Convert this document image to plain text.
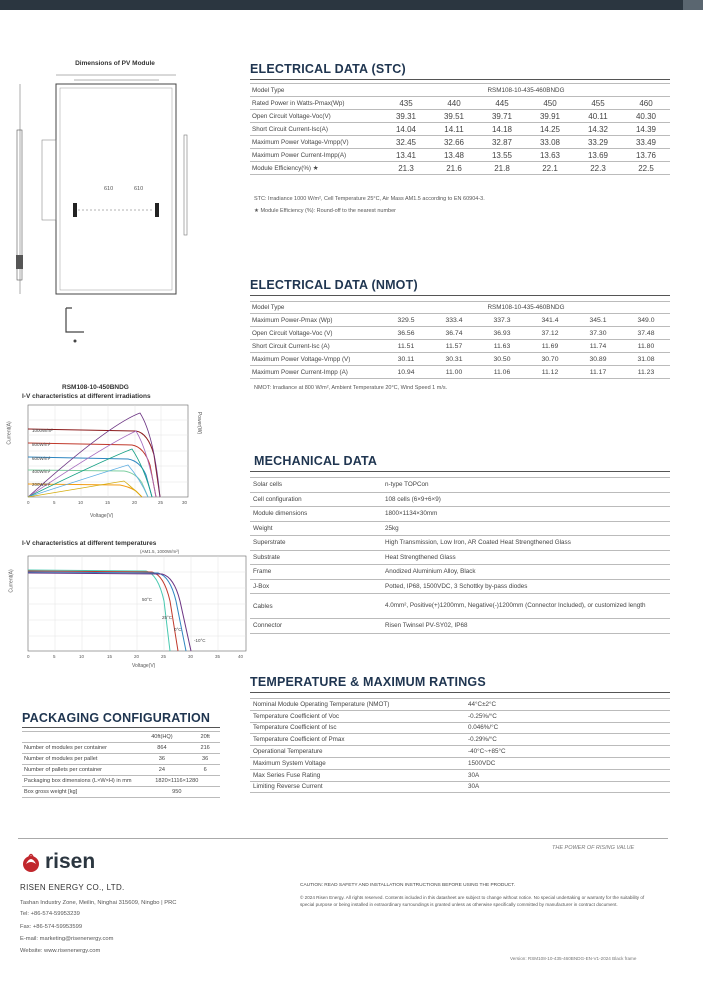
Dimensions of PV Module
610	610
RSM108-10-450BNDG
I-V characteristics at different irradiations
Current(A)	Power(W)
0	5	10	15	20	25	30
1000W/m²
800W/m²
600W/m²
400W/m²
200W/m²
Voltage(V)
I-V characteristics at different temperatures
(AM1.5, 1000W/m²)
Current(A)
0	5	10	15	20	25	30	35	40
50°C
25°C
0°C
-10°C
Voltage(V)
PACKAGING CONFIGURATION
	40ft(HQ)	20ft
Number of modules per container	864	216
Number of modules per pallet	36	36
Number of pallets per container	24	6
Packaging box dimensions (L×W×H) in mm	1820×1116×1280	
Box gross weight [kg]	950	
ELECTRICAL DATA (STC)
Model Type	RSM108-10-435-460BNDG					
Rated Power in Watts-Pmax(Wp)	435	440	445	450	455	460
Open Circuit Voltage-Voc(V)	39.31	39.51	39.71	39.91	40.11	40.30
Short Circuit Current-Isc(A)	14.04	14.11	14.18	14.25	14.32	14.39
Maximum Power Voltage-Vmpp(V)	32.45	32.66	32.87	33.08	33.29	33.49
Maximum Power Current-Impp(A)	13.41	13.48	13.55	13.63	13.69	13.76
Module Efficiency(%) ★	21.3	21.6	21.8	22.1	22.3	22.5
STC: Irradiance 1000 W/m², Cell Temperature 25°C, Air Mass AM1.5 according to EN 60904-3.
★ Module Efficiency (%): Round-off to the nearest number
ELECTRICAL DATA (NMOT)
Model Type	RSM108-10-435-460BNDG					
Maximum Power-Pmax (Wp)	329.5	333.4	337.3	341.4	345.1	349.0
Open Circuit Voltage-Voc (V)	36.56	36.74	36.93	37.12	37.30	37.48
Short Circuit Current-Isc (A)	11.51	11.57	11.63	11.69	11.74	11.80
Maximum Power Voltage-Vmpp (V)	30.11	30.31	30.50	30.70	30.89	31.08
Maximum Power Current-Impp (A)	10.94	11.00	11.06	11.12	11.17	11.23
NMOT: Irradiance at 800 W/m², Ambient Temperature 20°C, Wind Speed 1 m/s.
MECHANICAL DATA
Solar cells	n-type TOPCon
Cell configuration	108 cells (6×9+6×9)
Module dimensions	1800×1134×30mm
Weight	25kg
Superstrate	High Transmission, Low Iron, AR Coated Heat Strengthened Glass
Substrate	Heat Strengthened Glass
Frame	Anodized Aluminium Alloy, Black
J-Box	Potted, IP68, 1500VDC, 3 Schottky by-pass diodes
Cables	4.0mm², Positive(+)1200mm, Negative(-)1200mm (Connector Included), or customized length
Connector	Risen Twinsel PV-SY02, IP68
TEMPERATURE & MAXIMUM RATINGS
Nominal Module Operating Temperature (NMOT)	44°C±2°C
Temperature Coefficient of Voc	-0.25%/°C
Temperature Coefficient of Isc	0.046%/°C
Temperature Coefficient of Pmax	-0.29%/°C
Operational Temperature	-40°C~+85°C
Maximum System Voltage	1500VDC
Max Series Fuse Rating	30A
Limiting Reverse Current	30A
THE POWER OF RISING VALUE
risen
RISEN ENERGY CO., LTD.
Tashan Industry Zone, Meilin, Ninghai 315609, Ningbo | PRC
Tel: +86-574-59953239
Fax: +86-574-59953599
E-mail: marketing@risenenergy.com
Website: www.risenenergy.com
CAUTION: READ SAFETY AND INSTALLATION INSTRUCTIONS BEFORE USING THE PRODUCT.
© 2024 Risen Energy. All rights reserved. Contents included in this datasheet are subject to change without notice. No special undertaking or warranty for the suitability of special purpose or being installed in extraordinary surroundings is granted unless as otherwise specifically committed by manufacturer in contract document.
Version: RSM108-10-435-460BNDG-EN-V1-2024 Black frame
